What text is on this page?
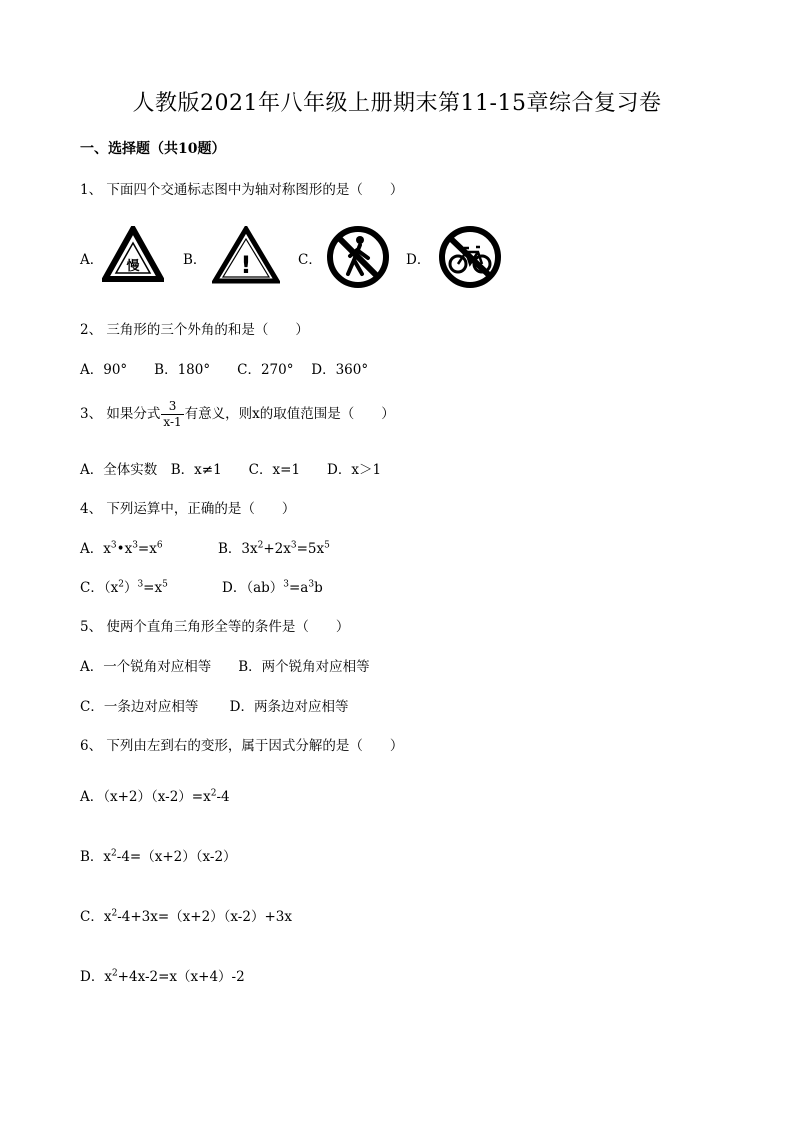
人教版2021年八年级上册期末第11-15章综合复习卷
一、选择题（共10题）
1、 下面四个交通标志图中为轴对称图形的是（　　）
A． 慢	B． !	C．	D．
2、 三角形的三个外角的和是（　　）
A．90°　　B．180°　　C．270°　 D．360°
3、 如果分式 $\frac{3}{x-1}$ 有意义，则x的取值范围是（　　）
A．全体实数　B．x≠1　　C．x=1　　D．x＞1
4、 下列运算中，正确的是（　　）
A．$x^3•x^3=x^6$	B．$3x^2+2x^3=5x^5$
C．$(x^2)^3=x^5$	D．$(ab)^3=a^3b$
5、 使两个直角三角形全等的条件是（　　）
A．一个锐角对应相等　　B．两个锐角对应相等
C．一条边对应相等　　 D．两条边对应相等
6、 下列由左到右的变形，属于因式分解的是（　　）
A．$(x+2)(x-2)=x^2-4$
B．$x^2-4=(x+2)(x-2)$
C．$x^2-4+3x=(x+2)(x-2)+3x$
D．$x^2+4x-2=x(x+4)-2$
